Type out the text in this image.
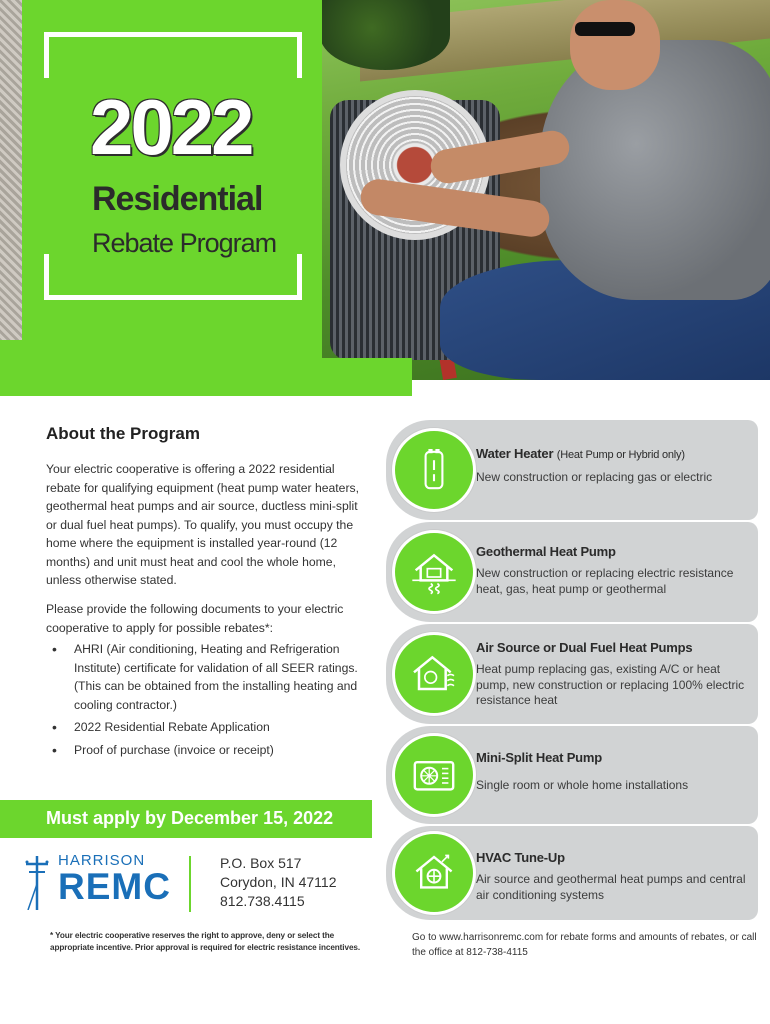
2022
Residential
Rebate Program
About the Program

Your electric cooperative is offering a 2022 residential rebate for qualifying equipment (heat pump water heaters, geothermal heat pumps and air source, ductless mini-split or dual fuel heat pumps). To qualify, you must occupy the home where the equipment is installed year-round (12 months) and unit must heat and cool the whole home, unless otherwise stated.

Please provide the following documents to your electric cooperative to apply for possible rebates*:

• AHRI (Air conditioning, Heating and Refrigeration Institute) certificate for validation of all SEER ratings. (This can be obtained from the installing heating and cooling contractor.)
• 2022 Residential Rebate Application
• Proof of purchase (invoice or receipt)
Must apply by December 15, 2022
HARRISON
REMC
P.O. Box 517
Corydon, IN 47112
812.738.4115
* Your electric cooperative reserves the right to approve, deny or select the appropriate incentive. Prior approval is required for electric resistance incentives.
Water Heater (Heat Pump or Hybrid only)
New construction or replacing gas or electric
Geothermal Heat Pump
New construction or replacing electric resistance heat, gas, heat pump or geothermal
Air Source or Dual Fuel Heat Pumps
Heat pump replacing gas, existing A/C or heat pump, new construction or replacing 100% electric resistance heat
Mini-Split Heat Pump
Single room or whole home installations
HVAC Tune-Up
Air source and geothermal heat pumps and central air conditioning systems
Go to www.harrisonremc.com for rebate forms and amounts of rebates, or call the office at 812-738-4115
